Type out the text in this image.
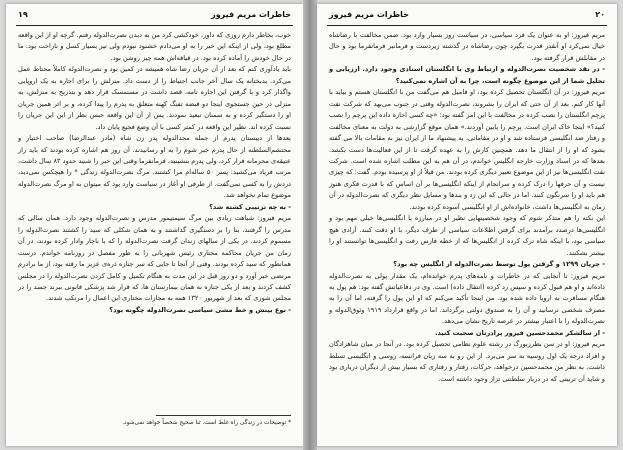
۱۹	خاطرات مریم فیروز

خوب، بخاطر دارم روزی که داور، خودکشی کرد من به دیدن نصرت‌الدوله رفتم. گرچه او از این واقعه مطلع بود، ولی از اینکه این خبر را به او می‌دادم خشنود نبودم ولی تیز بسیار کسل و ناراحت بود. ما در حال خودش را آماده کرده بود. در قیافه‌اش همه چیز روشن بود.

باید یادآوری کنم که بعد از آن جریان رضا شاه همیشه در کمین بود و نصرت‌الدوله کاملاً محتاط عمل می‌کرد. بدبختانه یک سال آخر جانب احتیاط را از دست داد. منزلش را برای اجاره به یک اروپایی واگذار کرد و با گرفتن این اجاره نامه، قصد داشت در مستمسک قرار دهد و بتدریج به منزلش، به منزلی در حین جستجوی اینجا دو قبضه تفنگ کهنه متعلق به پدرم را پیدا کرده، و بر اثر همین جریان او را دستگیر کرده و به سمنان تبعید نمودند. پس از آن این واقعه حبس نظر از این این جریان را نسبت کرده اند. نظیر این واقعه در کمتر کسی با آن وضع فجیع پایان داد.

بعدها از دیبستان پدرم از جمله مجدالدوله پدر زن شاه (مادر عبدالرضا) صاحب اختیار و محتشم‌السلطنه از حال پدرم خبر شوم را به او رسانیدند. آن روز هم اشاره کرده بودند که باید راز عتیقه‌ی محرمانه فرار کرد، ولی پدرم بنشینید، فرمانفرما وقتی این خبر را شنید حدود ۸۳ سال داشت، مرتب فریاد می‌کشید: پسر ۵۰ ساله‌ام مرا کشتند. مرگ نصرت‌الدوله زندگی * را هیچکس نمی‌دید، دردش را به کسی نمی‌گفت. از طرفی او آغاز در سیاست وارد بود که میتوان به او مرگ نصرت‌الدوله موضوع تمام نخواهد شد.

- به چه ترتیبی کشته شد؟

مریم فیروز: شباهت زیادی بین مرگ سیمتیمور مدرس و نصرت‌الدوله وجود دارد. همان سالی که مدرس را گرفتند، بنا را بر دستگیری گذاشتند و به همان شکلی که سید را کشتند نصرت‌الدوله را مسموم کردند. در یکی از سالهای زندان گرفت نصرت‌الدوله را که با ناچار وادار کرده بودند، در آن زمان من جریان محاکمه مختاری رئیس شهربانی را به طور مفصل در روزنامه خواندم. درست همانطور که سید کرده بودند. وقتی از آنجا تا جایی که سر جنازه ذره‌ی عزیز ما رفته بود، از ما برادرم مرتضی خبر آورد و دو روز قبل در این مدت به هنگام تکمیل و کامل کردن نصرت‌الدوله را در مجلس کشف کردند و بعد از یکی جنازه به همان بیمارستان ها، که قرار شد پزشکی قانونی ببرند جسد را در مجلس شوری که بعد از شهریور ۱۳۲۰ همه به مجازات مختاری این اعمال را مرتکب شدند.

- نوع بینش و خط مشی سیاسی نصرت‌الدوله چگونه بود؟

* توضیحات در زندگی راه غلط است. ثنا صحیح شخصاً خواهد نمی‌شود.
۲۰
خاطرات مریم فیروز

مریم فیروز: او به عنوان یک فرد سیاسی، در سیاست روز بسیار وارد بود. ضمن مخالفت با رضاشاه خیال نمی‌کرد او آنقدر قدرت بگیرد چون رضاشاه در گذشته زیردست و فرمانبر فرمانفرما بود و حال در مقابلش قرار گرفته بود.

- در نقد شخصیت نصرت‌الدوله و ارتباط وی با انگلستان اسنادی وجود دارد. ارزیابی و تحلیل شما از این موضوع چگونه است، چرا به آن اشاره نمی‌کنید؟

مریم فیروز: در آن انگلستان تحصیل کرده بود، او فامیل هم می‌گفت من با انگلستان هستم و بیاید با آنها کار کنم. بعد از آن حتی که ایران را بشروند، نصرت‌الدوله وقتی در جنوب می‌بهد که شرکت نفت پرچم انگلستان را نصب کرده در مخالفت با این امر گفته بود: «چه کسی اجازه داده این پرچم را نصب کنید؟» اینجا خاک ایران است. پرچم را پایین آوردند.» همان موقع گزارشی به دولت به معنای مخالفت و رفتار ضد انگلیسی فرستاده شد و او در مقاماتی، به پیشنهاد ما از ایران نیز به مقامات بالا می‌ گفته‌ بشود که او را از انتقال ما دهد. همچنین کارش را به عهده گرفت تا از این فعالیت‌ها دست بکشد. بعدها که در اسناد وزارت خارجه انگلیس خواندم، در آن هم به این مطلب اشاره شده است. شرکت نفت انگلیسی‌ها نیز از این موضوع تعبیر دیگری کرده بودند. من قبلاً از او پرسیده بودم. گفت: که چیزی نیست و آن حرفها را درک کرده و سرانجام از اینکه انگلیسی‌ها بر آن اساس که با قدرت فکری هنوز هم باید او را سرنگون کنند. اما در حالی که این زد و بندها و مسایل نظر دیگری که نصرت‌الدوله در آن زمان به انگلیسی‌ها داشت، خانواده‌اش از او انگلیسی آسوده کرده بودند.

این نکته را هم متذکر شوم که وجود شخصیتهایی نظیر او در مبارزه با انگلیسی‌ها خیلی مهم بود و انگلیسی‌ها درصدد برآمدند برای گرفتن اطلاعات سیاسی از طرف دیگر، با او دقت کنند. آزادی هیچ سیاسی بود، با اینکه شاه ترک کرده از انگلیس‌ها که از خطه فارس رفت و انگلیسی‌ها توانستند او را بیشتر بشکنند.

- جریان ۱۲۹۹ و گرفتن پول توسط نصرت‌الدوله از انگلیس چه بود؟

مریم فیروز: تا آنجایی که در خاطرات و نامه‌های پدرم خوانده‌ام، یک مقدار پولی به نصرت‌الدوله داده‌اند و او هم قبول کرده و سپس رد کرده (انتقال داده) است. وی در دفاعیاتش گفته بود: هم پول به هنگام مسافرت به اروپا داده شده بود. من اینجا تأکید می‌کنم که او این پول را گرفته، اما آن را به مصرف شخصی نرسانید و آن را به صندوق دولتی برگرداند. اما در واقع قرارداد ۱۹۱۹ وثوق‌الدوله و نصرت‌الدوله را با اعتبار بیشتر در عرصه تاریخ نشان می‌دهد.

- از سالشکر محمدحسین فیروز پرادرتان صحبت کنید.

مریم فیروز: او در سن بطرزبورگ در رشته علوم نظامی تحصیل کرده بود. در آنجا در میان شاهزادگان و افراد درجه یک اول روسیه به سر می‌برد. از این رو به سه زبان فرانسه، روسی و انگلیسی تسلط داشت. به نظر من محمدحسین درخواهد، حرکات، رفتار و رفتاری که بسیار بیش از دیگران درباری بود و شاید آن تربیتی که در دربار سلطنتی تزار وجود داشته است.
